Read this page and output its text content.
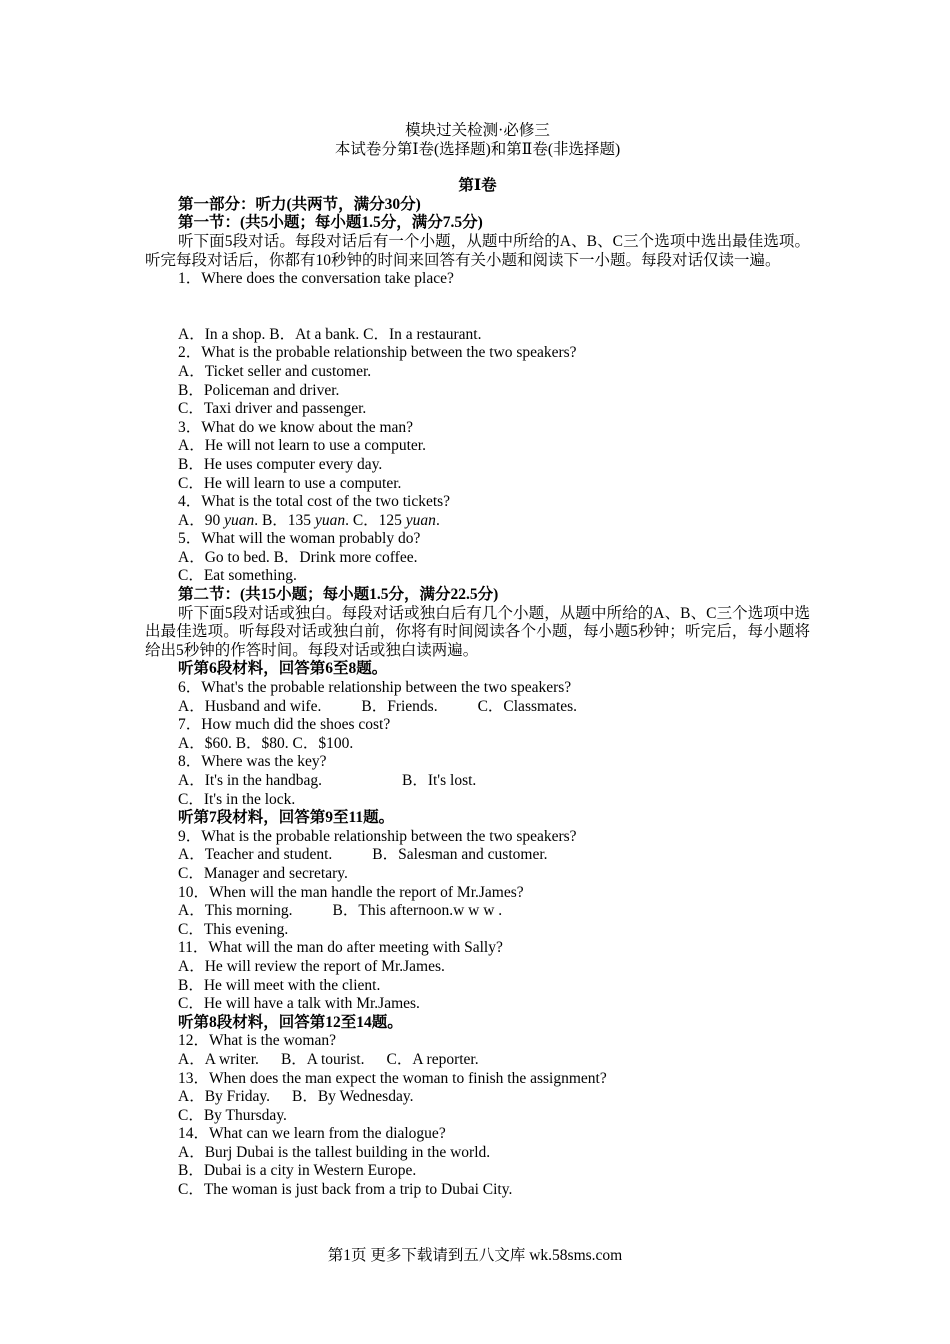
模块过关检测·必修三
本试卷分第Ⅰ卷(选择题)和第Ⅱ卷(非选择题)
第Ⅰ卷
第一部分：听力(共两节，满分30分)
第一节：(共5小题；每小题1.5分，满分7.5分)
听下面5段对话。每段对话后有一个小题，从题中所给的A、B、C三个选项中选出最佳选项。听完每段对话后，你都有10秒钟的时间来回答有关小题和阅读下一小题。每段对话仅读一遍。
1．Where does the conversation take place?
A．In a shop. B．At a bank. C．In a restaurant.
2．What is the probable relationship between the two speakers?
A．Ticket seller and customer.
B．Policeman and driver.
C．Taxi driver and passenger.
3．What do we know about the man?
A．He will not learn to use a computer.
B．He uses computer every day.
C．He will learn to use a computer.
4．What is the total cost of the two tickets?
A．90 yuan. B．135 yuan. C．125 yuan.
5．What will the woman probably do?
A．Go to bed. B．Drink more coffee.
C．Eat something.
第二节：(共15小题；每小题1.5分，满分22.5分)
听下面5段对话或独白。每段对话或独白后有几个小题，从题中所给的A、B、C三个选项中选出最佳选项。听每段对话或独白前，你将有时间阅读各个小题，每小题5秒钟；听完后，每小题将给出5秒钟的作答时间。每段对话或独白读两遍。
听第6段材料，回答第6至8题。
6．What's the probable relationship between the two speakers?
A．Husband and wife.	B．Friends.	C．Classmates.
7．How much did the shoes cost?
A．$60. B．$80. C．$100.
8．Where was the key?
A．It's in the handbag.	B．It's lost.
C．It's in the lock.
听第7段材料，回答第9至11题。
9．What is the probable relationship between the two speakers?
A．Teacher and student.	B．Salesman and customer.
C．Manager and secretary.
10．When will the man handle the report of Mr.James?
A．This morning.	B．This afternoon.w w w .
C．This evening.
11．What will the man do after meeting with Sally?
A．He will review the report of Mr.James.
B．He will meet with the client.
C．He will have a talk with Mr.James.
听第8段材料，回答第12至14题。
12．What is the woman?
A．A writer. B．A tourist. C．A reporter.
13．When does the man expect the woman to finish the assignment?
A．By Friday. B．By Wednesday.
C．By Thursday.
14．What can we learn from the dialogue?
A．Burj Dubai is the tallest building in the world.
B．Dubai is a city in Western Europe.
C．The woman is just back from a trip to Dubai City.
第1页 更多下载请到五八文库 wk.58sms.com
